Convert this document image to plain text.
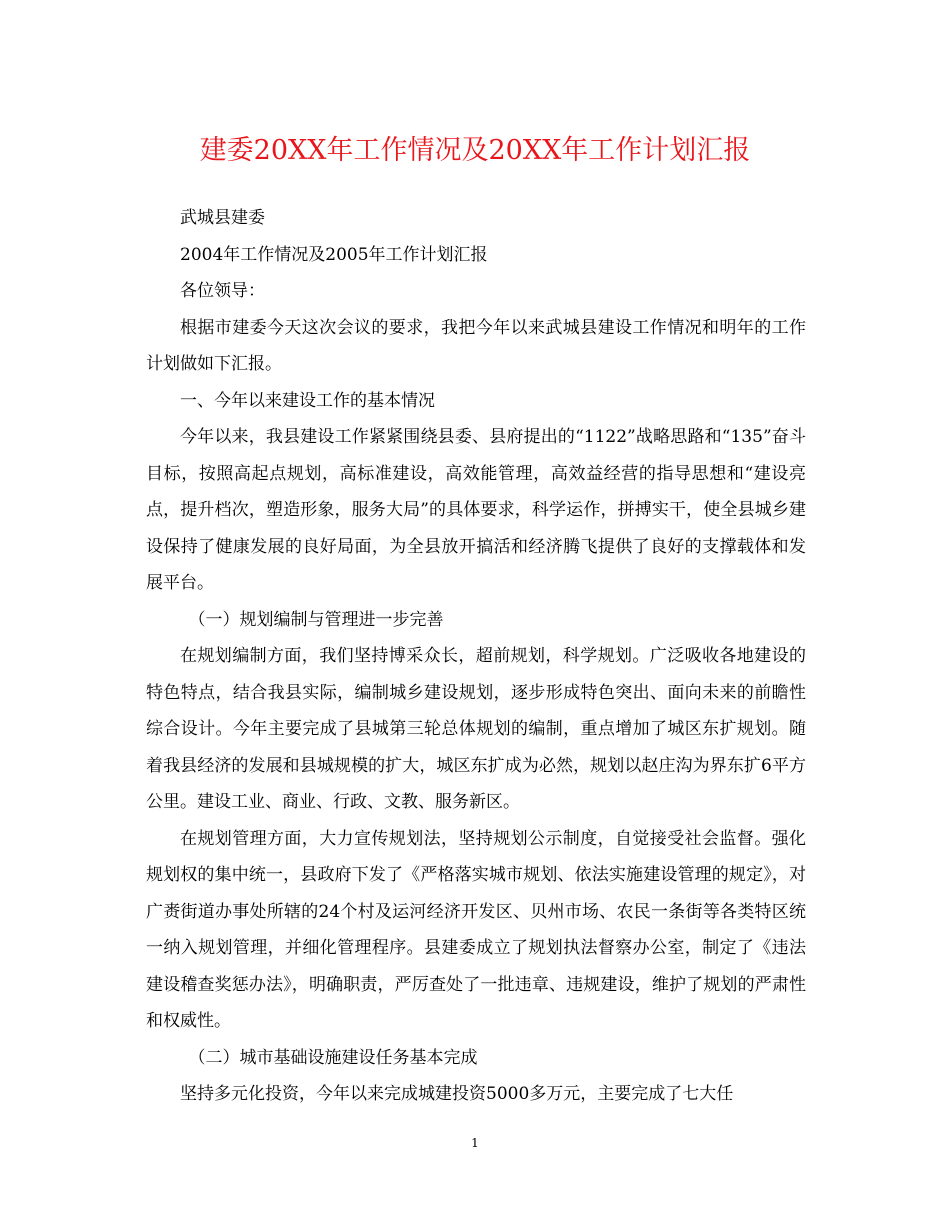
建委20XX年工作情况及20XX年工作计划汇报

武城县建委

2004年工作情况及2005年工作计划汇报

各位领导：

根据市建委今天这次会议的要求，我把今年以来武城县建设工作情况和明年的工作计划做如下汇报。

一、今年以来建设工作的基本情况

今年以来，我县建设工作紧紧围绕县委、县府提出的“1122”战略思路和“135”奋斗目标，按照高起点规划，高标准建设，高效能管理，高效益经营的指导思想和“建设亮点，提升档次，塑造形象，服务大局”的具体要求，科学运作，拼搏实干，使全县城乡建设保持了健康发展的良好局面，为全县放开搞活和经济腾飞提供了良好的支撑载体和发展平台。

（一）规划编制与管理进一步完善

在规划编制方面，我们坚持博采众长，超前规划，科学规划。广泛吸收各地建设的特色特点，结合我县实际，编制城乡建设规划，逐步形成特色突出、面向未来的前瞻性综合设计。今年主要完成了县城第三轮总体规划的编制，重点增加了城区东扩规划。随着我县经济的发展和县城规模的扩大，城区东扩成为必然，规划以赵庄沟为界东扩6平方公里。建设工业、商业、行政、文教、服务新区。

在规划管理方面，大力宣传规划法，坚持规划公示制度，自觉接受社会监督。强化规划权的集中统一，县政府下发了《严格落实城市规划、依法实施建设管理的规定》，对广赉街道办事处所辖的24个村及运河经济开发区、贝州市场、农民一条街等各类特区统一纳入规划管理，并细化管理程序。县建委成立了规划执法督察办公室，制定了《违法建设稽查奖惩办法》，明确职责，严厉查处了一批违章、违规建设，维护了规划的严肃性和权威性。

（二）城市基础设施建设任务基本完成

坚持多元化投资，今年以来完成城建投资5000多万元，主要完成了七大任

1
